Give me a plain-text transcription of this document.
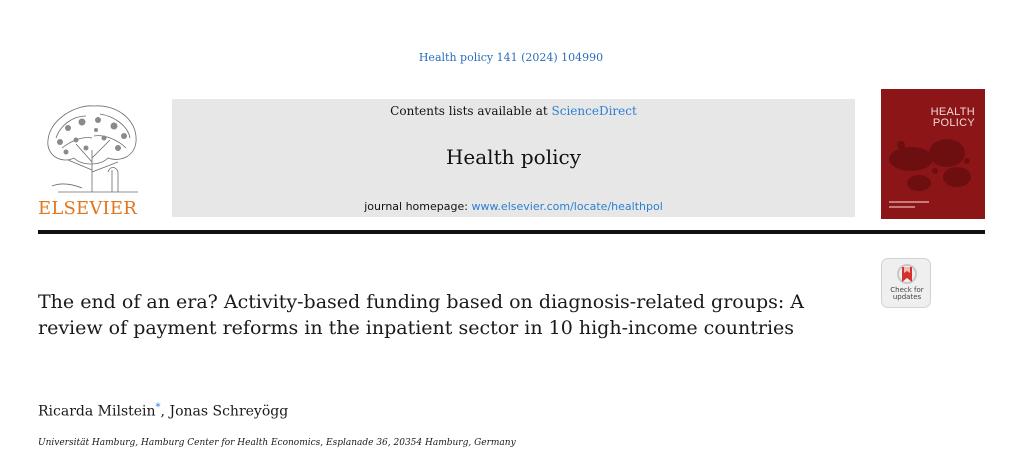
Health policy 141 (2024) 104990
ELSEVIER
Contents lists available at ScienceDirect
Health policy
journal homepage: www.elsevier.com/locate/healthpol
HEALTH
POLICY
Check for
updates
The end of an era? Activity-based funding based on diagnosis-related groups: A review of payment reforms in the inpatient sector in 10 high-income countries
Ricarda Milstein*, Jonas Schreyögg
Universität Hamburg, Hamburg Center for Health Economics, Esplanade 36, 20354 Hamburg, Germany
